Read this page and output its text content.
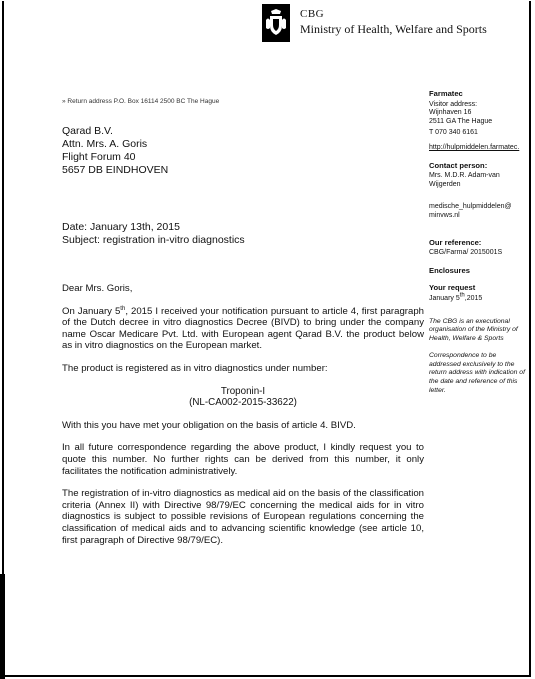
CBG
Ministry of Health, Welfare and Sports
» Return address P.O. Box 16114 2500 BC The Hague
Qarad B.V.
Attn. Mrs. A. Goris
Flight Forum 40
5657 DB EINDHOVEN
Date: January 13th, 2015
Subject: registration in-vitro diagnostics

Dear Mrs. Goris,

On January 5th, 2015 I received your notification pursuant to article 4, first paragraph of the Dutch decree in vitro diagnostics Decree (BIVD) to bring under the company name Oscar Medicare Pvt. Ltd. with European agent Qarad B.V. the product below as in vitro diagnostics on the European market.

The product is registered as in vitro diagnostics under number:

Troponin-I
(NL-CA002-2015-33622)

With this you have met your obligation on the basis of article 4. BIVD.

In all future correspondence regarding the above product, I kindly request you to quote this number. No further rights can be derived from this number, it only facilitates the notification administratively.

The registration of in-vitro diagnostics as medical aid on the basis of the classification criteria (Annex II) with Directive 98/79/EC concerning the medical aids for in vitro diagnostics is subject to possible revisions of European regulations concerning the classification of medical aids and to advancing scientific knowledge (see article 10, first paragraph of Directive 98/79/EC).

Farmatec
Visitor address:
Wijnhaven 16
2511 GA The Hague
T 070 340 6161
http://hulpmiddelen.farmatec.
Contact person:
Mrs. M.D.R. Adam-van
Wijgerden
medische_hulpmiddelen@
minvws.nl
Our reference:
CBG/Farma/ 2015001S
Enclosures
Your request
January 5th,2015
The CBG is an executional organisation of the Ministry of Health, Welfare & Sports
Correspondence to be addressed exclusively to the return address with indication of the date and reference of this letter.
